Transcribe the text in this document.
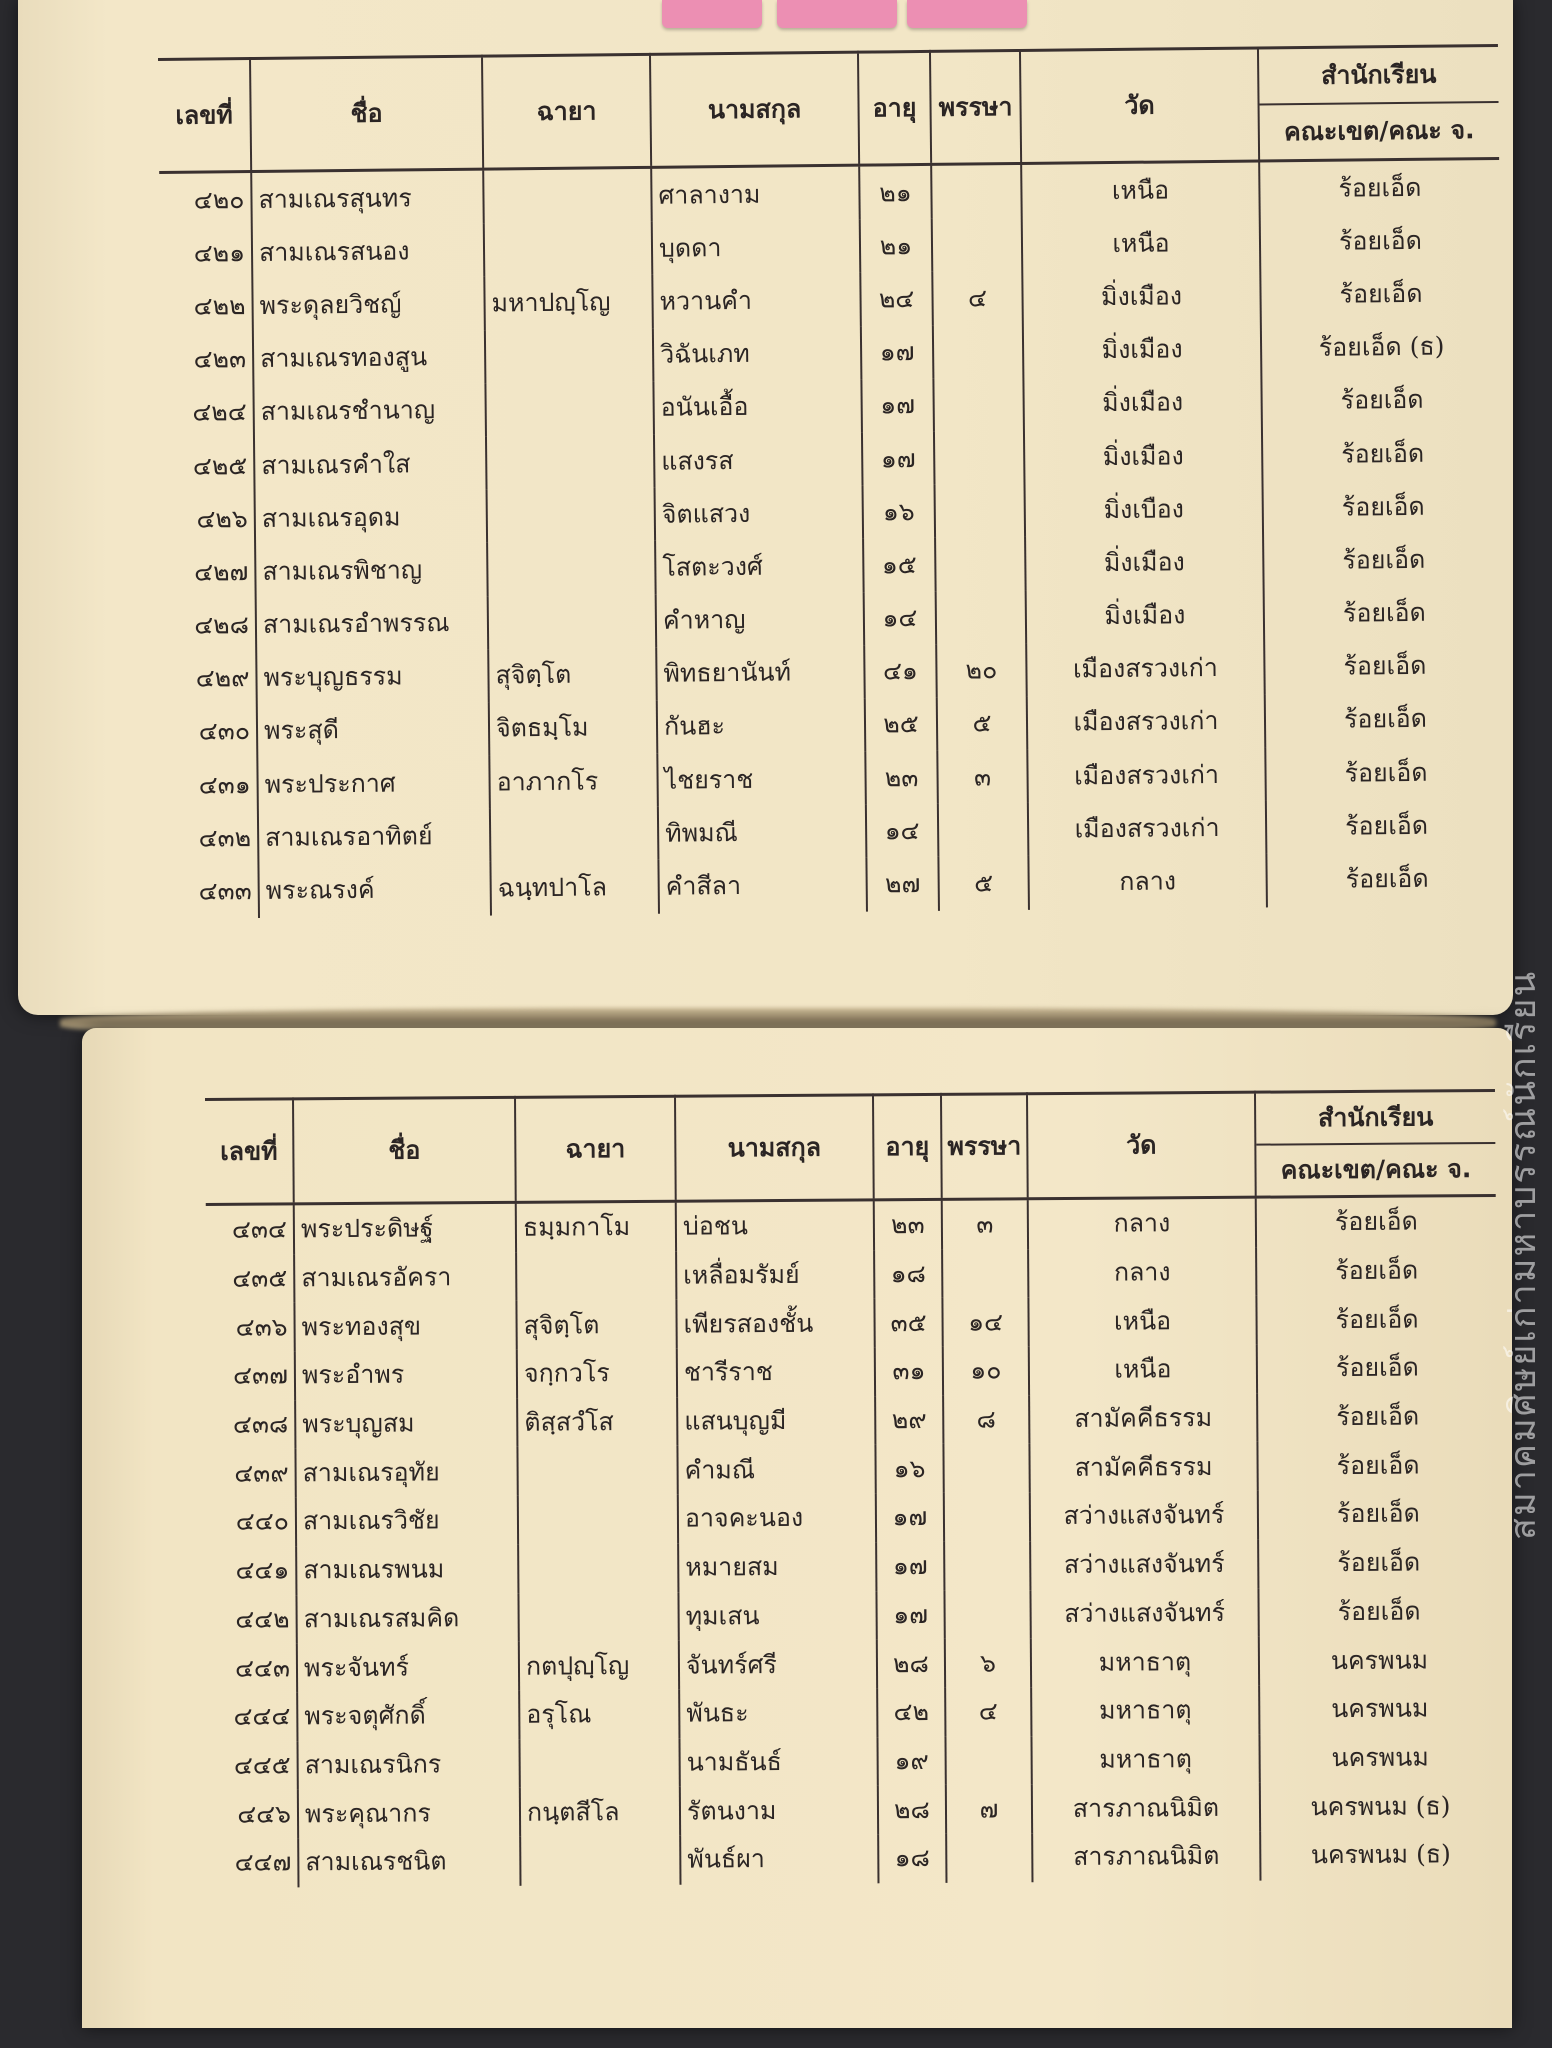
เลขที่	ชื่อ	ฉายา	นามสกุล	อายุ	พรรษา	วัด	สำนักเรียน
คณะเขต/คณะ จ.

๔๒๐	สามเณรสุนทร		ศาลางาม	๒๑		เหนือ	ร้อยเอ็ด
๔๒๑	สามเณรสนอง		บุดดา	๒๑		เหนือ	ร้อยเอ็ด
๔๒๒	พระดุลยวิชญ์	มหาปญฺโญ	หวานคำ	๒๔	๔	มิ่งเมือง	ร้อยเอ็ด
๔๒๓	สามเณรทองสูน		วิฉันเภท	๑๗		มิ่งเมือง	ร้อยเอ็ด (ธ)
๔๒๔	สามเณรชำนาญ		อนันเอื้อ	๑๗		มิ่งเมือง	ร้อยเอ็ด
๔๒๕	สามเณรคำใส		แสงรส	๑๗		มิ่งเมือง	ร้อยเอ็ด
๔๒๖	สามเณรอุดม		จิตแสวง	๑๖		มิ่งเบือง	ร้อยเอ็ด
๔๒๗	สามเณรพิชาญ		โสตะวงศ์	๑๕		มิ่งเมือง	ร้อยเอ็ด
๔๒๘	สามเณรอำพรรณ		คำหาญ	๑๔		มิ่งเมือง	ร้อยเอ็ด
๔๒๙	พระบุญธรรม	สุจิตฺโต	พิทธยานันท์	๔๑	๒๐	เมืองสรวงเก่า	ร้อยเอ็ด
๔๓๐	พระสุดี	จิตธมฺโม	กันฮะ	๒๕	๕	เมืองสรวงเก่า	ร้อยเอ็ด
๔๓๑	พระประกาศ	อาภากโร	ไชยราช	๒๓	๓	เมืองสรวงเก่า	ร้อยเอ็ด
๔๓๒	สามเณรอาทิตย์		ทิพมณี	๑๔		เมืองสรวงเก่า	ร้อยเอ็ด
๔๓๓	พระณรงค์	ฉนฺทปาโล	คำสีลา	๒๗	๕	กลาง	ร้อยเอ็ด
เลขที่	ชื่อ	ฉายา	นามสกุล	อายุ	พรรษา	วัด	สำนักเรียน
คณะเขต/คณะ จ.

๔๓๔	พระประดิษฐ์	ธมฺมกาโม	บ่อชน	๒๓	๓	กลาง	ร้อยเอ็ด
๔๓๕	สามเณรอัครา		เหลื่อมรัมย์	๑๘		กลาง	ร้อยเอ็ด
๔๓๖	พระทองสุข	สุจิตฺโต	เพียรสองชั้น	๓๕	๑๔	เหนือ	ร้อยเอ็ด
๔๓๗	พระอำพร	จกฺกวโร	ชารีราช	๓๑	๑๐	เหนือ	ร้อยเอ็ด
๔๓๘	พระบุญสม	ติสฺสวํโส	แสนบุญมี	๒๙	๘	สามัคคีธรรม	ร้อยเอ็ด
๔๓๙	สามเณรอุทัย		คำมณี	๑๖		สามัคคีธรรม	ร้อยเอ็ด
๔๔๐	สามเณรวิชัย		อาจคะนอง	๑๗		สว่างแสงจันทร์	ร้อยเอ็ด
๔๔๑	สามเณรพนม		หมายสม	๑๗		สว่างแสงจันทร์	ร้อยเอ็ด
๔๔๒	สามเณรสมคิด		ทุมเสน	๑๗		สว่างแสงจันทร์	ร้อยเอ็ด
๔๔๓	พระจันทร์	กตปุญฺโญ	จันทร์ศรี	๒๘	๖	มหาธาตุ	นครพนม
๔๔๔	พระจตุศักดิ์	อรุโณ	พันธะ	๔๒	๔	มหาธาตุ	นครพนม
๔๔๕	สามเณรนิกร		นามธันธ์	๑๙		มหาธาตุ	นครพนม
๔๔๖	พระคุณากร	กนฺตสีโล	รัตนงาม	๒๘	๗	สารภาณนิมิต	นครพนม (ธ)
๔๔๗	สามเณรชนิต		พันธ์ผา	๑๘		สารภาณนิมิต	นครพนม (ธ)
สมาคมศิษย์เก่ามหาบรรณ์นักเรียน
